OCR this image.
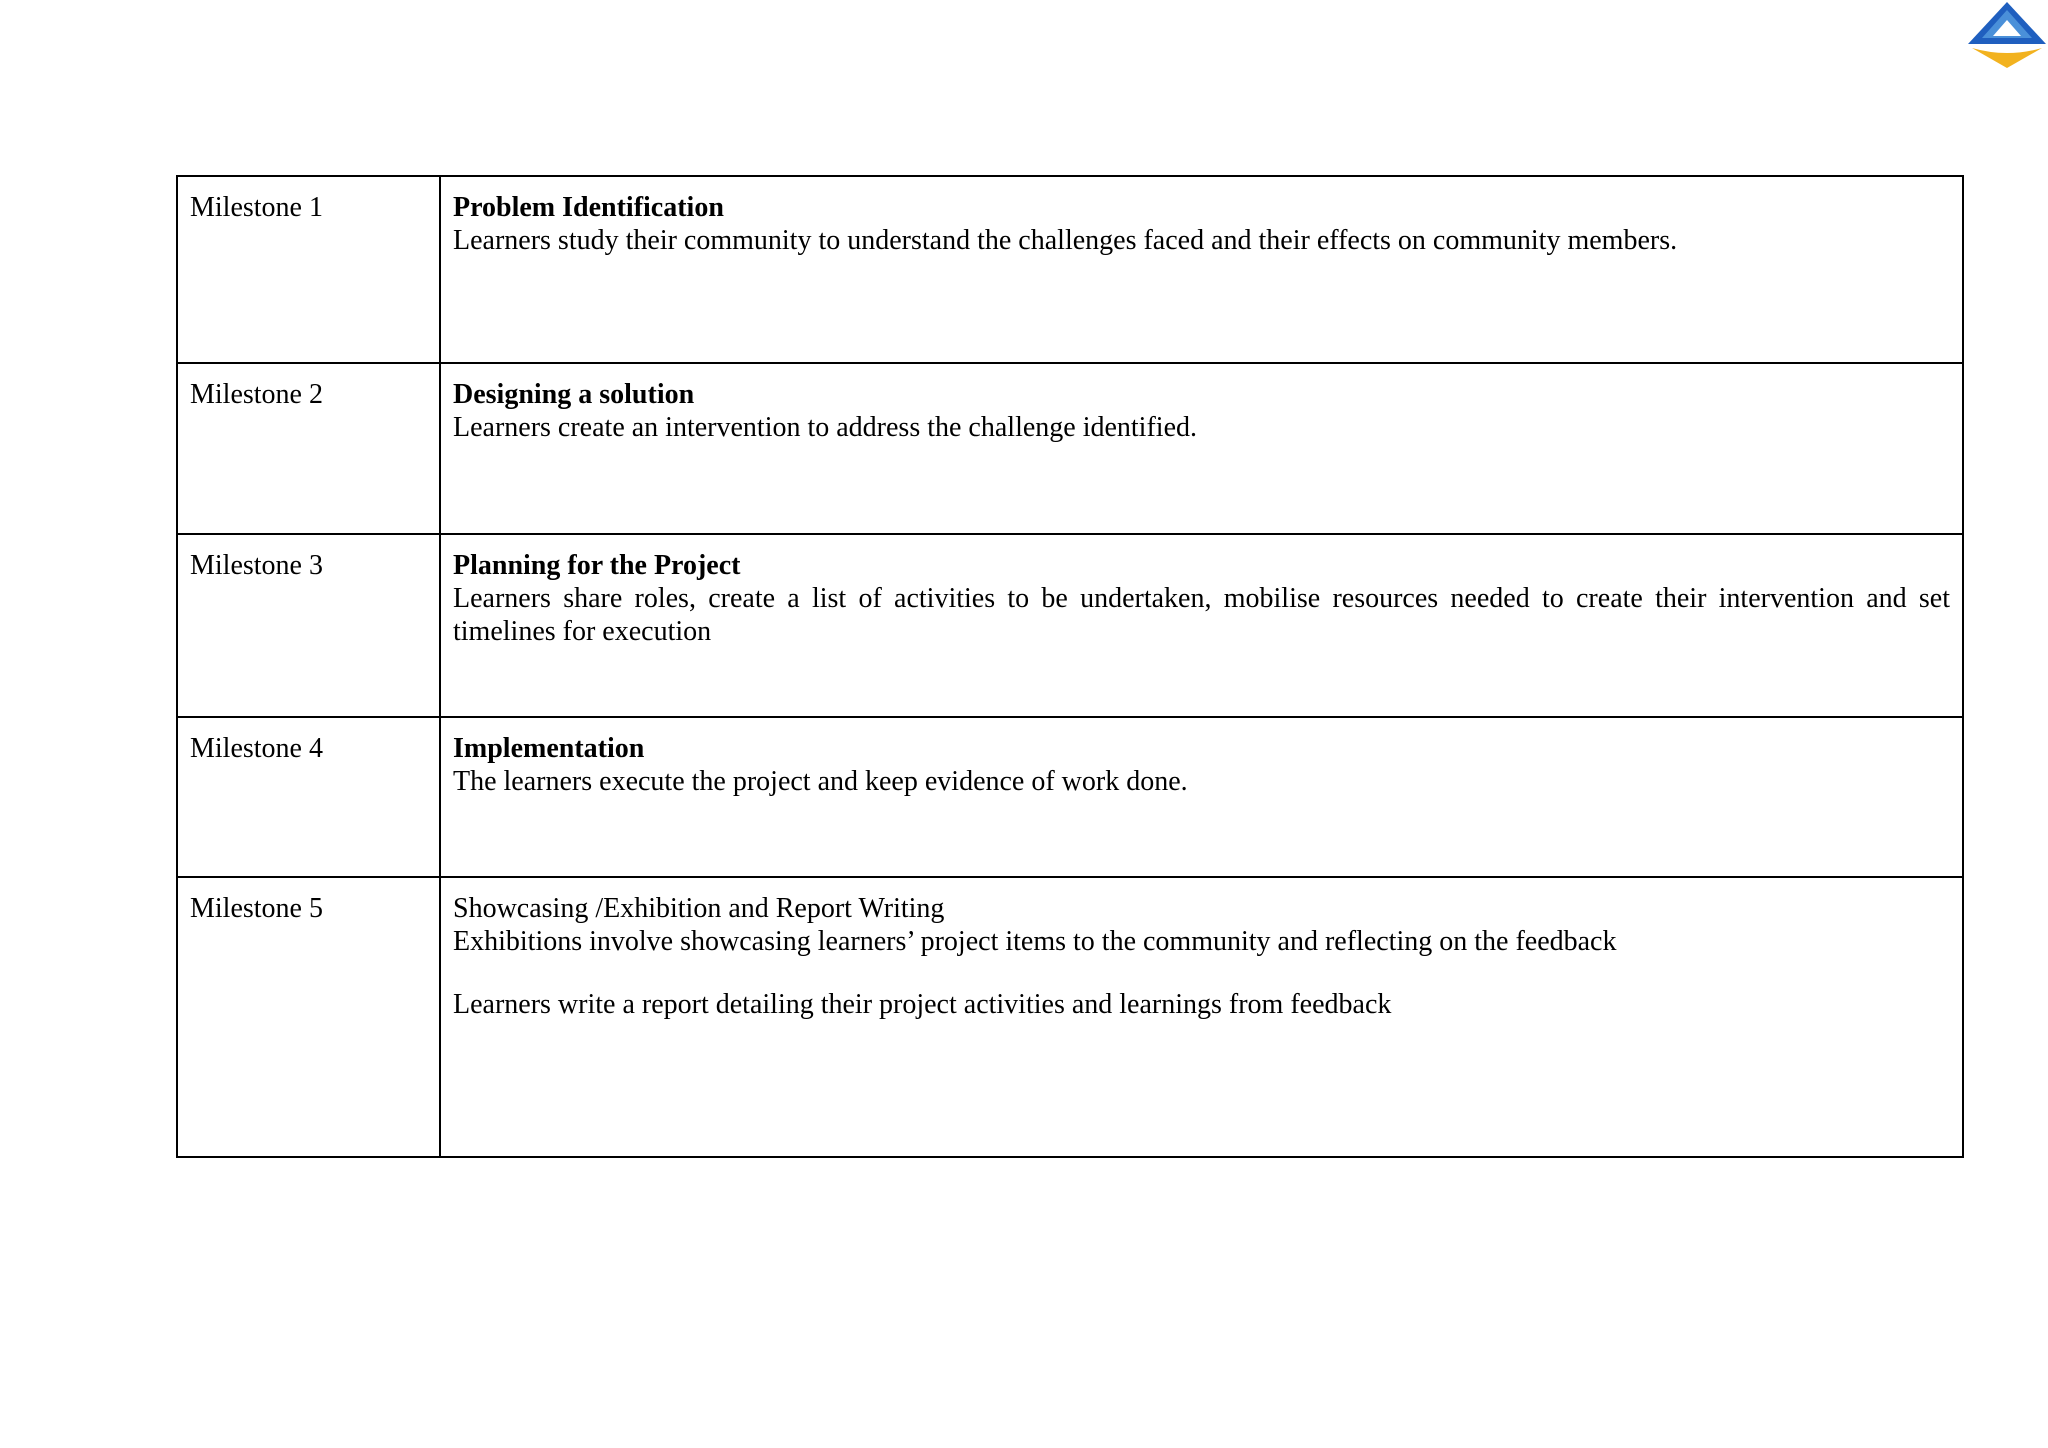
Milestone 1	Problem Identification
Learners study their community to understand the challenges faced and their effects on community members.

Milestone 2	Designing a solution
Learners create an intervention to address the challenge identified.

Milestone 3	Planning for the Project
Learners share roles, create a list of activities to be undertaken, mobilise resources needed to create their intervention and set timelines for execution

Milestone 4	Implementation
The learners execute the project and keep evidence of work done.

Milestone 5	Showcasing /Exhibition and Report Writing
Exhibitions involve showcasing learners’ project items to the community and reflecting on the feedback
Learners write a report detailing their project activities and learnings from feedback
